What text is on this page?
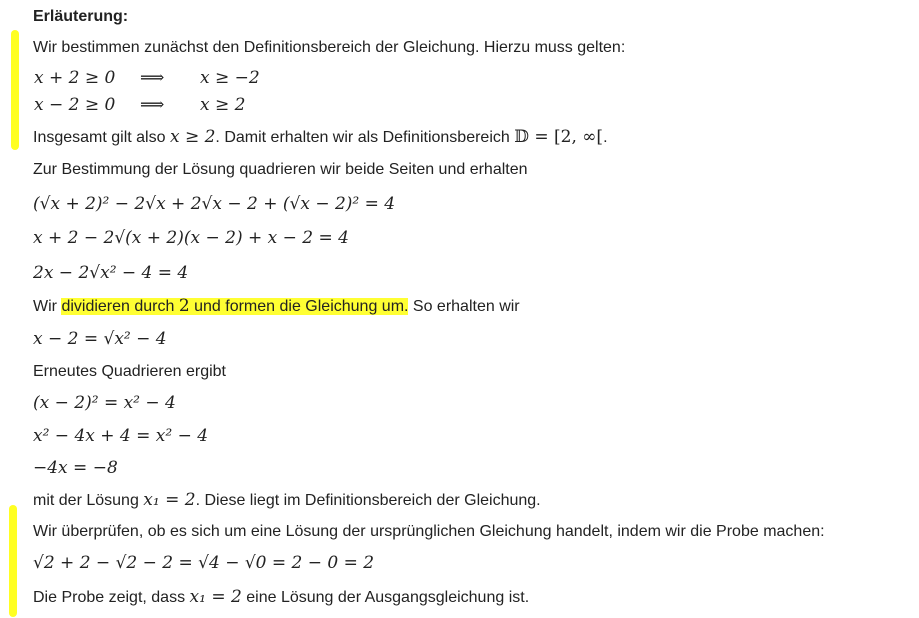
Erläuterung:
Wir bestimmen zunächst den Definitionsbereich der Gleichung. Hierzu muss gelten:
x + 2 ≥ 0 ⟹ x ≥ −2
x − 2 ≥ 0 ⟹ x ≥ 2
Insgesamt gilt also x ≥ 2. Damit erhalten wir als Definitionsbereich 𝔻 = [2, ∞[.
Zur Bestimmung der Lösung quadrieren wir beide Seiten und erhalten
(√x + 2)² − 2√x + 2√x − 2 + (√x − 2)² = 4
x + 2 − 2√(x + 2)(x − 2) + x − 2 = 4
2x − 2√x² − 4 = 4
Wir dividieren durch 2 und formen die Gleichung um. So erhalten wir
x − 2 = √x² − 4
Erneutes Quadrieren ergibt
(x − 2)² = x² − 4
x² − 4x + 4 = x² − 4
−4x = −8
mit der Lösung x₁ = 2. Diese liegt im Definitionsbereich der Gleichung.
Wir überprüfen, ob es sich um eine Lösung der ursprünglichen Gleichung handelt, indem wir die Probe machen:
√2 + 2 − √2 − 2 = √4 − √0 = 2 − 0 = 2
Die Probe zeigt, dass x₁ = 2 eine Lösung der Ausgangsgleichung ist.
